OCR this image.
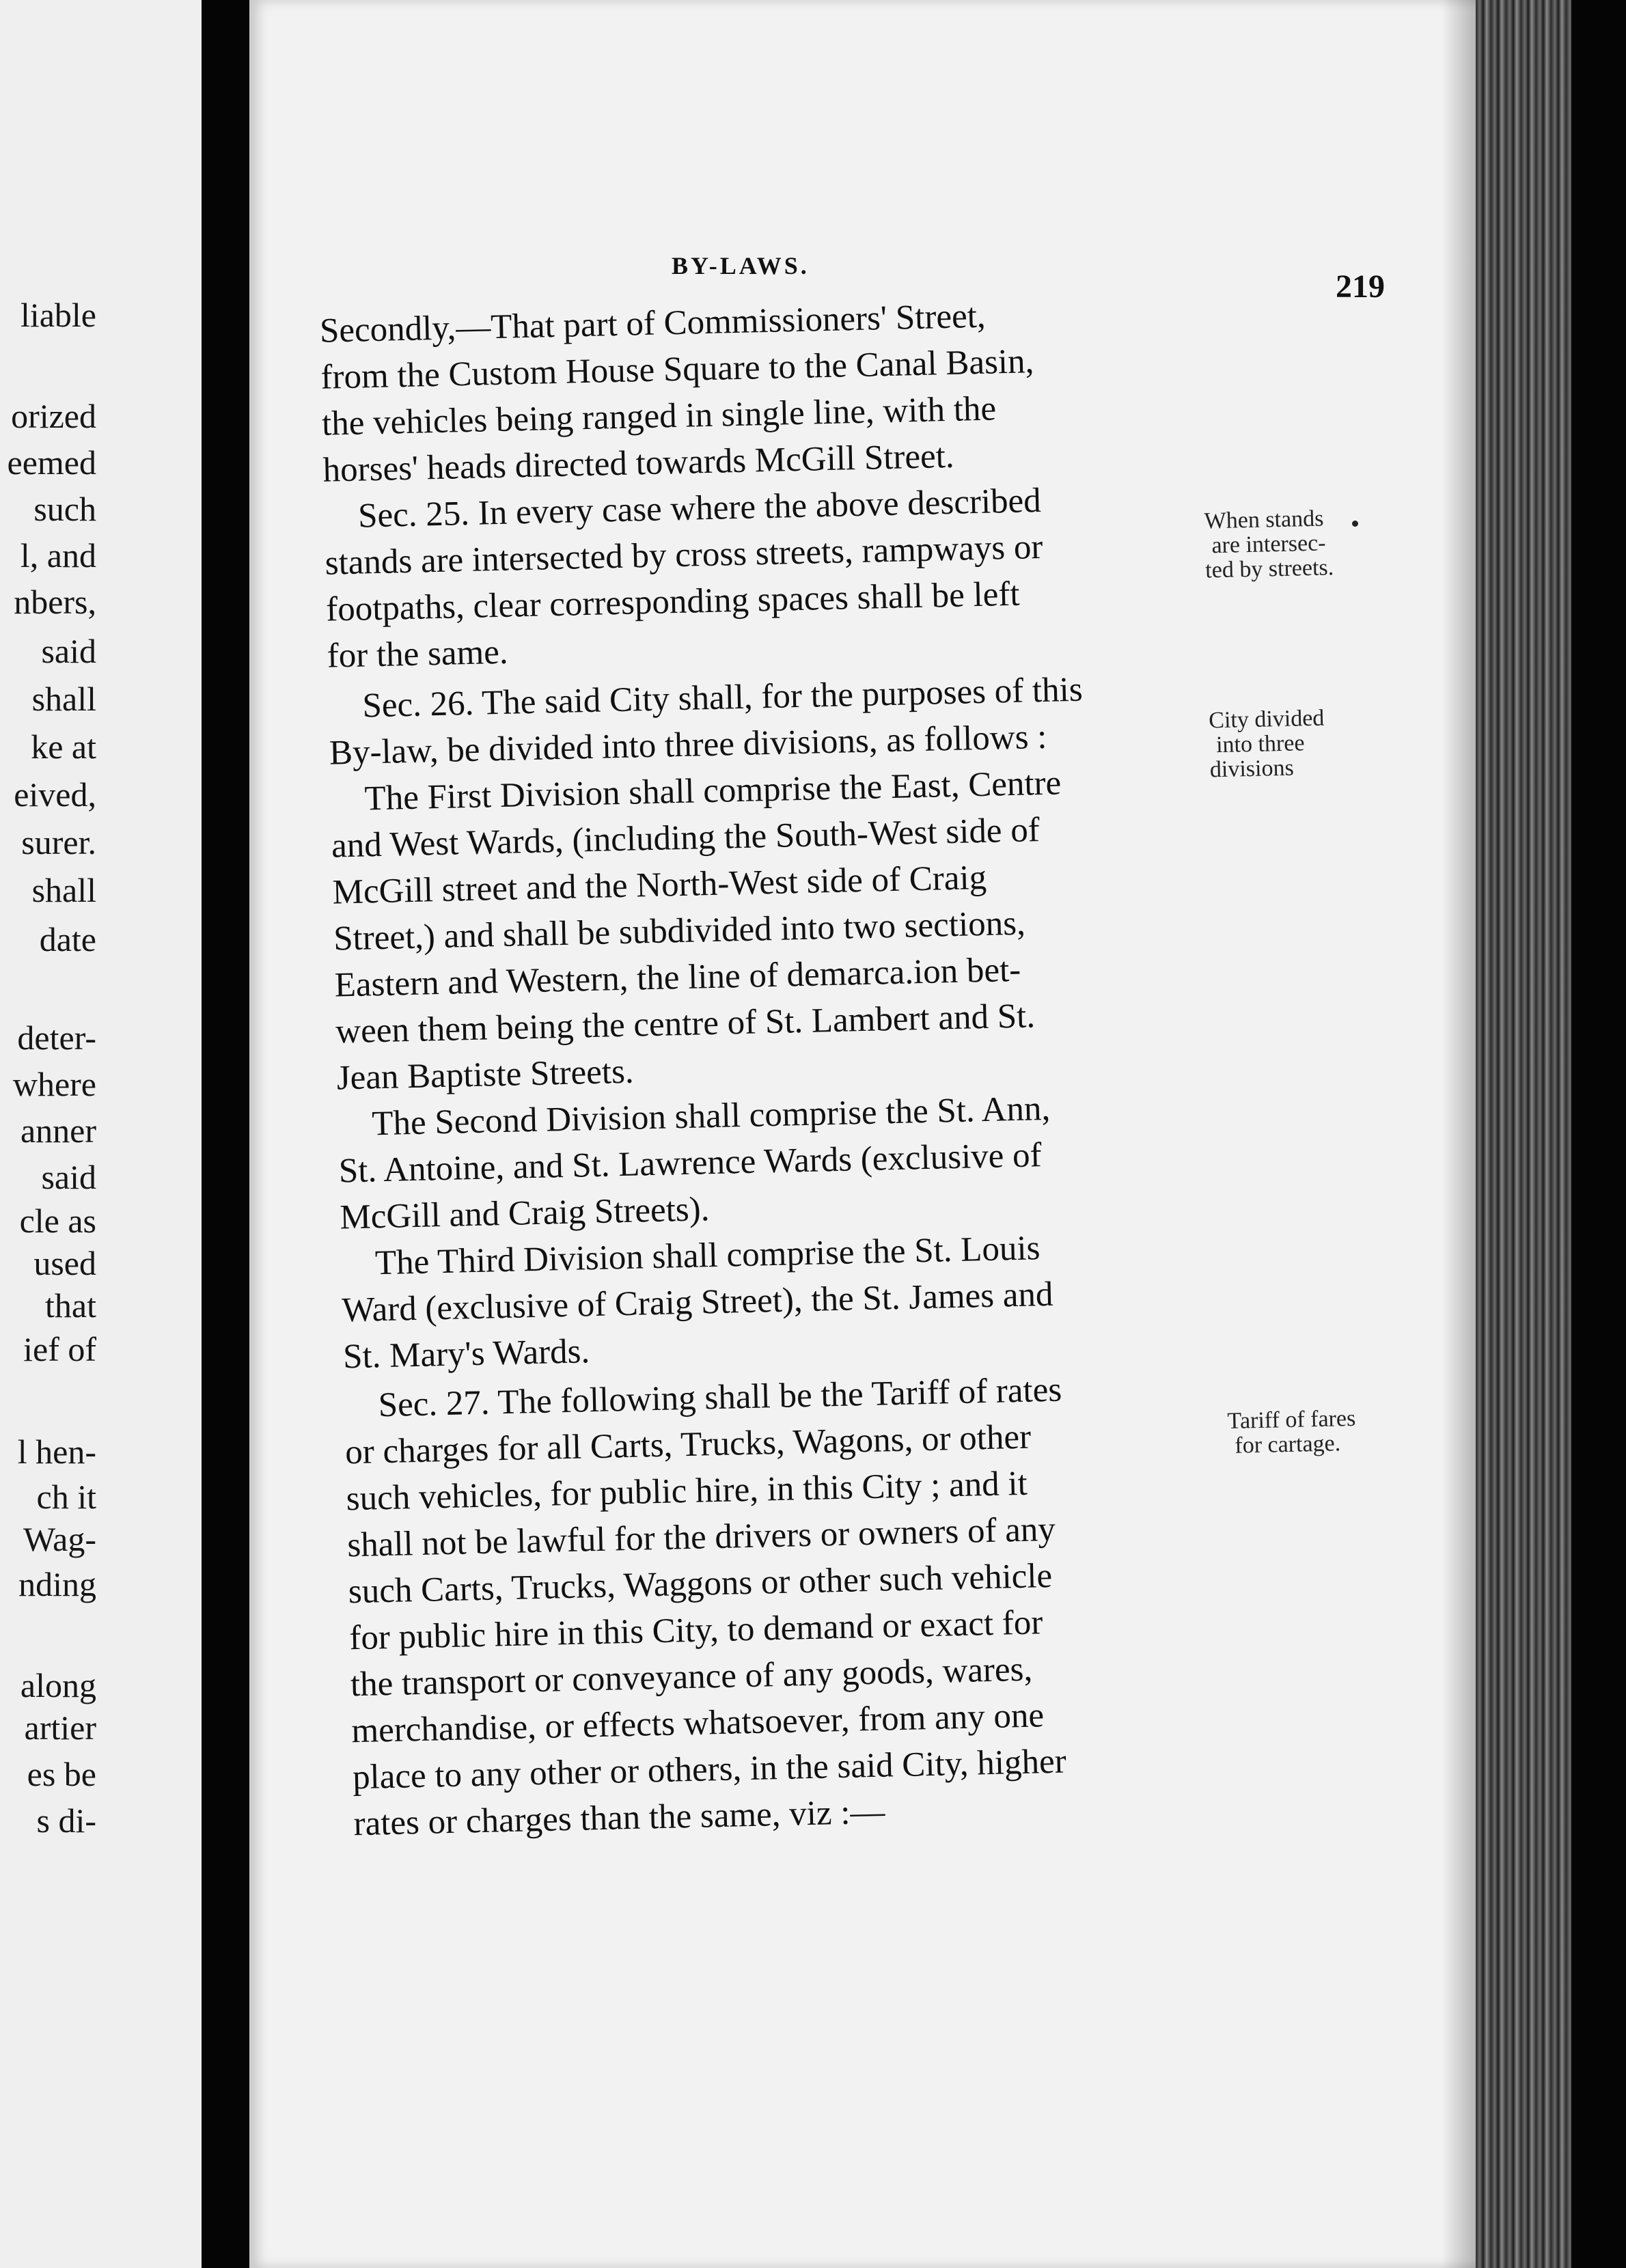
liable
orized
eemed
such
l, and
nbers,
said
shall
ke at
eived,
surer.
shall
date
deter-
where
anner
said
cle as
used
that
ief of
l hen-
ch it
Wag-
nding
along
artier
es be
s di-
BY-LAWS.
219
Secondly,—That part of Commissioners' Street,
from the Custom House Square to the Canal Basin,
the vehicles being ranged in single line, with the
horses' heads directed towards McGill Street.
Sec. 25. In every case where the above described
stands are intersected by cross streets, rampways or
footpaths, clear corresponding spaces shall be left
for the same.
Sec. 26. The said City shall, for the purposes of this
By-law, be divided into three divisions, as follows :
The First Division shall comprise the East, Centre
and West Wards, (including the South-West side of
McGill street and the North-West side of Craig
Street,) and shall be subdivided into two sections,
Eastern and Western, the line of demarca.ion bet-
ween them being the centre of St. Lambert and St.
Jean Baptiste Streets.
The Second Division shall comprise the St. Ann,
St. Antoine, and St. Lawrence Wards (exclusive of
McGill and Craig Streets).
The Third Division shall comprise the St. Louis
Ward (exclusive of Craig Street), the St. James and
St. Mary's Wards.
Sec. 27. The following shall be the Tariff of rates
or charges for all Carts, Trucks, Wagons, or other
such vehicles, for public hire, in this City ; and it
shall not be lawful for the drivers or owners of any
such Carts, Trucks, Waggons or other such vehicle
for public hire in this City, to demand or exact for
the transport or conveyance of any goods, wares,
merchandise, or effects whatsoever, from any one
place to any other or others, in the said City, higher
rates or charges than the same, viz :—
When stands
are intersec-
ted by streets.
City divided
into three
divisions
Tariff of fares
for cartage.
